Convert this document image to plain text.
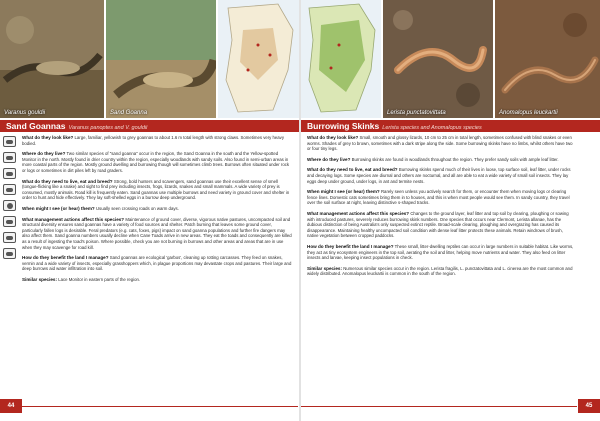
Varanus gouldii	Sand Goanna
Sand Goannas Varanus panoptes and V. gouldii

What do they look like? Large, familiar, yellowish to grey goannas to about 1.6 m total length with strong claws. Sometimes very heavy bodied.

Where do they live? Two similar species of "sand goanna" occur in the region, the Sand Goanna in the south and the Yellow-spotted Monitor in the north. Mostly found in drier country within the region, especially woodlands with sandy soils. Also found in semi-urban areas in more coastal parts of the region. Mostly ground dwelling and burrowing though will sometimes climb trees. Burrows often situated under rock or logs or sometimes in dirt piles left by road graders.

What do they need to live, eat and breed? Strong, bold hunters and scavengers, sand goannas use their excellent sense of smell (tongue-flicking like a snake) and sight to find prey including insects, frogs, lizards, snakes and small mammals. A wide variety of prey is consumed, mostly animals. Road kill is frequently eaten. Sand goannas use multiple burrows and need variety in ground cover and shelter in order to hunt and hide effectively. They lay soft-shelled eggs in a burrow deep underground.

When might I see (or hear) them? Usually seen crossing roads on warm days.

What management actions affect this species? Maintenance of ground cover, diverse, vigorous native pastures, uncompacted soil and structural diversity ensures sand goannas have a variety of food sources and shelter. Patch burning that leaves some ground cover, particularly fallen logs is desirable. Feral predators (e.g. cats, foxes, pigs) impact on sand goanna populations and further fire dangers may also affect them. Sand goanna numbers usually decline when Cane Toads arrive in new areas. They eat the toads and consequently are killed as a result of ingesting the toad's poison. Where possible, check you are not burning in burrows and other areas and areas that are in use when they may scavenge for road kill.

How do they benefit the land I manage? Sand goannas are ecological 'garbos', cleaning up rotting carcasses. They feed on snakes, vermin and a wide variety of insects, especially grasshoppers which, in plague proportions may devastate crops and pastures. Their large and deep burrows aid water infiltration into soil.

Similar species: Lace Monitor in eastern parts of the region.

44
Lerista punctatovittata	Anomalopus leuckartii
Burrowing Skinks Lerista species and Anomalopus species

What do they look like? Small, smooth and glossy lizards, 10 cm to 25 cm in total length, sometimes confused with blind snakes or even worms. Shades of grey to brown, sometimes with a dark stripe along the side. Some burrowing skinks have no limbs, whilst others have two or four tiny legs.

Where do they live? Burrowing skinks are found in woodlands throughout the region. They prefer sandy soils with ample leaf litter.

What do they need to live, eat and breed? Burrowing skinks spend much of their lives in loose, top surface soil, leaf litter, under rocks and decaying logs. Some species are diurnal and others are nocturnal, and all are able to eat a wide variety of small soil insects. They lay eggs deep under ground, under logs, in ant and termite nests.

When might I see (or hear) them? Rarely seen unless you actively search for them, or encounter them when moving logs or clearing fence lines. Domestic cats sometimes bring them in to houses, and this is when most people would see them. In sandy country, they travel over the soil surface at night, leaving distinctive s-shaped tracks.

What management actions affect this species? Changes to the ground layer, leaf litter and top soil by clearing, ploughing or sowing with introduced pastures, severely reduces burrowing skink numbers. One species that occurs near Clermont, Lerista allanae, has the dubious distinction of being Australia's only suspected extinct reptile. Broad-scale clearing, ploughing and overgrazing has caused its disappearance. Maintaining healthy uncompacted soil condition with dense leaf litter protects these animals. Retain windrows of brush, native vegetation between cropped paddocks.

How do they benefit the land I manage? These small, litter-dwelling reptiles can occur in large numbers in suitable habitat. Like worms, they act as tiny ecosystem engineers in the top soil, aerating the soil and litter, helping move nutrients and water. They also feed on litter insects and larvae, keeping insect populations in check.

Similar species: Numerous similar species occur in the region. Lerista fragilis, L. punctatovittata and L. cinerea are the most common and widely distributed. Anomalopus leuckartii is common in the south of the region.

45
